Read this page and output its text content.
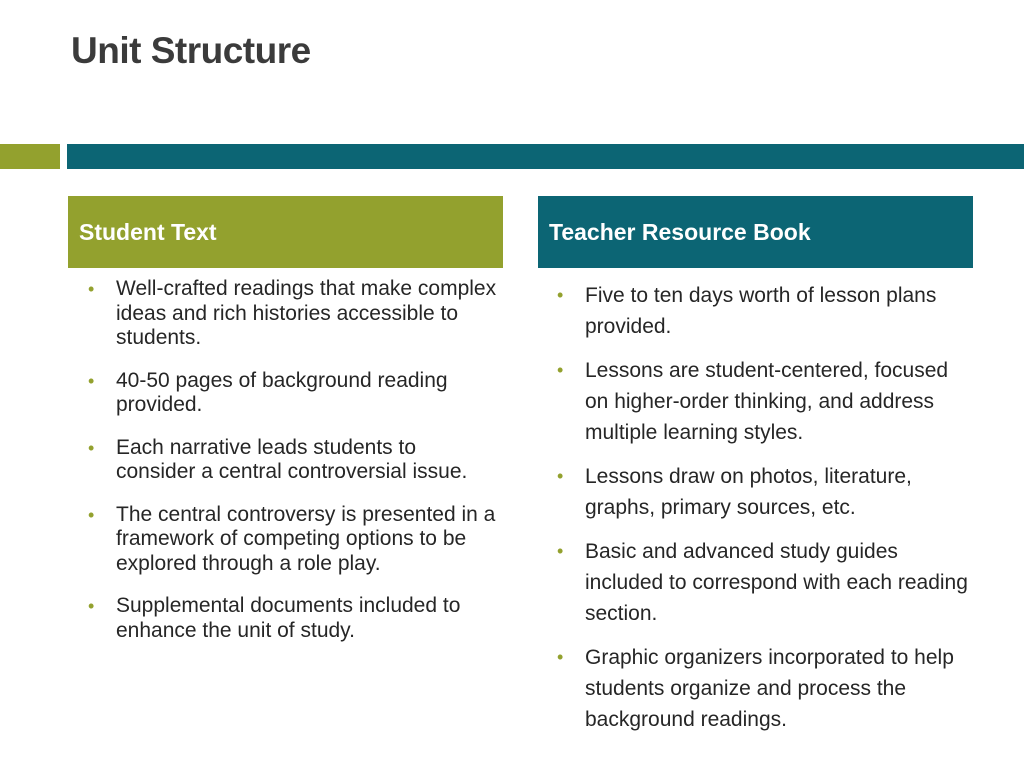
Unit Structure
Student Text	Teacher Resource Book
• Well-crafted readings that make complex ideas and rich histories accessible to students.
• 40-50 pages of background reading provided.
• Each narrative leads students to consider a central controversial issue.
• The central controversy is presented in a framework of competing options to be explored through a role play.
• Supplemental documents included to enhance the unit of study.
• Five to ten days worth of lesson plans provided.
• Lessons are student-centered, focused on higher-order thinking, and address multiple learning styles.
• Lessons draw on photos, literature, graphs, primary sources, etc.
• Basic and advanced study guides included to correspond with each reading section.
• Graphic organizers incorporated to help students organize and process the background readings.
